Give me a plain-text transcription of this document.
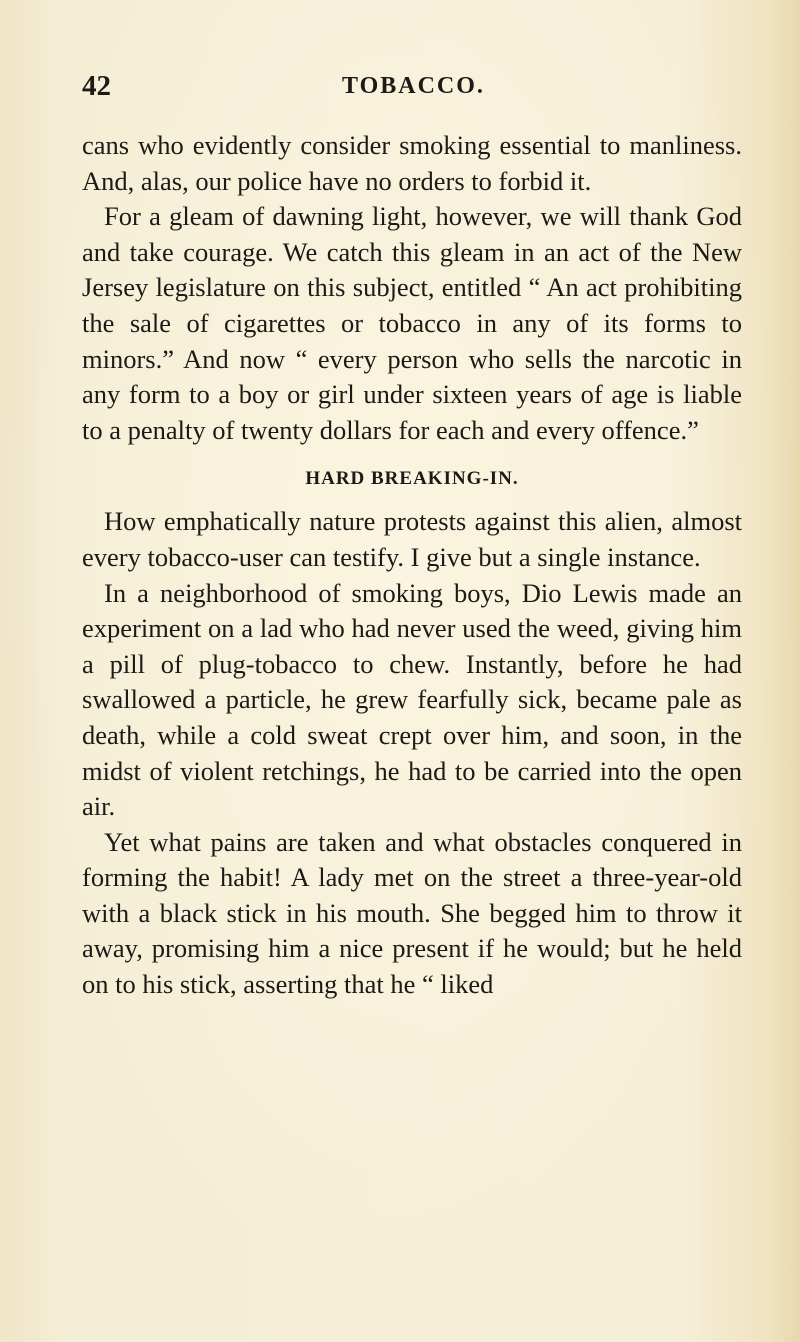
42	TOBACCO.

cans who evidently consider smoking essential to manliness. And, alas, our police have no orders to forbid it.

For a gleam of dawning light, however, we will thank God and take courage. We catch this gleam in an act of the New Jersey legislature on this subject, entitled “ An act prohibiting the sale of cigarettes or tobacco in any of its forms to minors.” And now “ every person who sells the narcotic in any form to a boy or girl under sixteen years of age is liable to a penalty of twenty dollars for each and every offence.”

HARD BREAKING-IN.

How emphatically nature protests against this alien, almost every tobacco-user can testify. I give but a single instance.

In a neighborhood of smoking boys, Dio Lewis made an experiment on a lad who had never used the weed, giving him a pill of plug-tobacco to chew. Instantly, before he had swallowed a particle, he grew fearfully sick, became pale as death, while a cold sweat crept over him, and soon, in the midst of violent retchings, he had to be carried into the open air.

Yet what pains are taken and what obstacles conquered in forming the habit! A lady met on the street a three-year-old with a black stick in his mouth. She begged him to throw it away, promising him a nice present if he would; but he held on to his stick, asserting that he “ liked
